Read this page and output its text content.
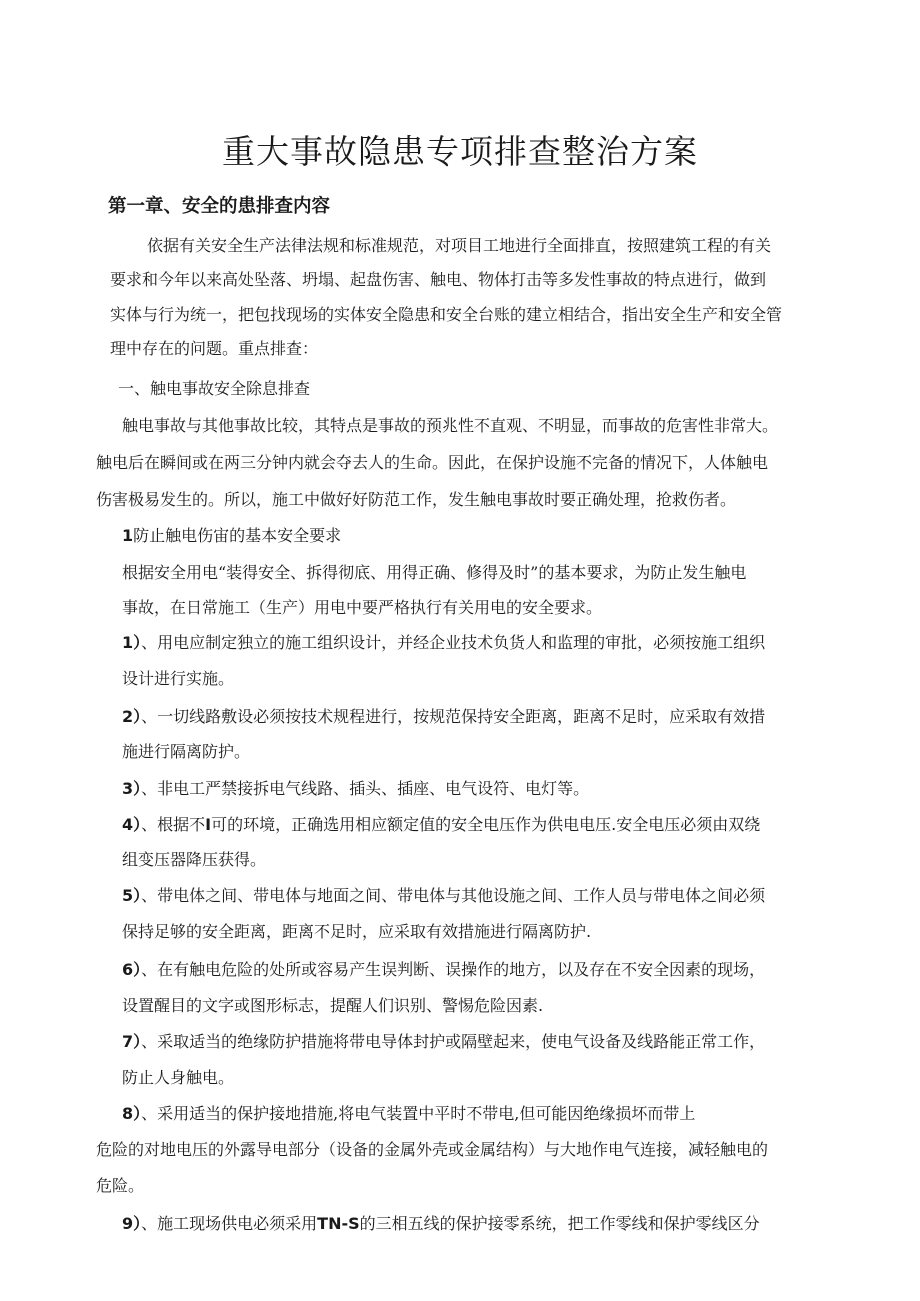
重大事故隐患专项排查整治方案
第一章、安全的患排查内容
依据有关安全生产法律法规和标准规范，对项目工地进行全面排直，按照建筑工程的有关
要求和今年以来高处坠落、坍塌、起盘伤害、触电、物体打击等多发性事故的特点进行，做到
实体与行为统一，把包找现场的实体安全隐患和安全台账的建立相结合，指出安全生产和安全管
理中存在的问题。重点排查：
一、触电事故安全除息排查
触电事故与其他事故比较，其特点是事故的预兆性不直观、不明显，而事故的危害性非常大。
触电后在瞬间或在两三分钟内就会夺去人的生命。因此，在保护设施不完备的情况下，人体触电
伤害极易发生的。所以，施工中做好好防范工作，发生触电事故时要正确处理，抢救伤者。
1防止触电伤宙的基本安全要求
根据安全用电“装得安全、拆得彻底、用得正确、修得及时”的基本要求，为防止发生触电
事故，在日常施工（生产）用电中要严格执行有关用电的安全要求。
1）、用电应制定独立的施工组织设计，并经企业技术负货人和监理的审批，必须按施工组织
设计进行实施。
2）、一切线路敷设必须按技术规程进行，按规范保持安全距离，距离不足时，应采取有效措
施进行隔离防护。
3）、非电工严禁接拆电气线路、插头、插座、电气设符、电灯等。
4）、根据不I可的环境，正确选用相应额定值的安全电压作为供电电压.安全电压必须由双绕
组变压器降压获得。
5）、带电体之间、带电体与地面之间、带电体与其他设施之间、工作人员与带电体之间必须
保持足够的安全距离，距离不足时，应采取有效措施进行隔离防护.
6）、在有触电危险的处所或容易产生误判断、误操作的地方，以及存在不安全因素的现场，
设置醒目的文字或图形标志，提醒人们识别、警惕危险因素.
7）、采取适当的绝缘防护措施将带电导体封护或隔壁起来，使电气设备及线路能正常工作，
防止人身触电。
8）、采用适当的保护接地措施,将电气装置中平时不带电,但可能因绝缘损坏而带上
危险的对地电压的外露导电部分（设备的金属外壳或金属结构）与大地作电气连接，减轻触电的
危险。
9）、施工现场供电必须采用TN-S的三相五线的保护接零系统，把工作零线和保护零线区分
